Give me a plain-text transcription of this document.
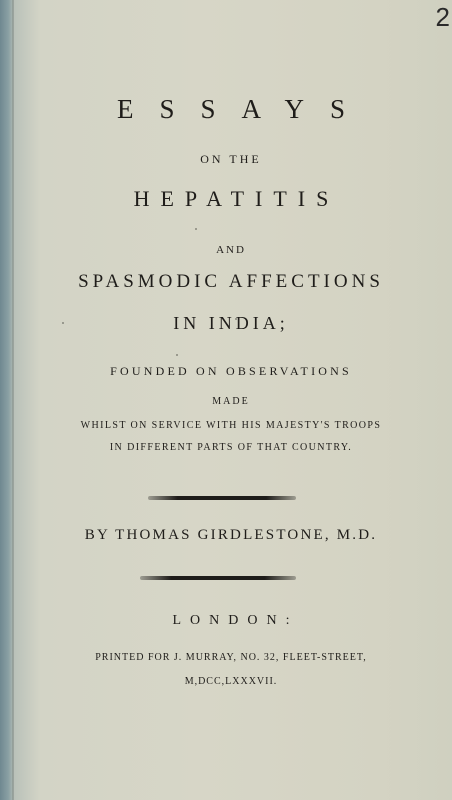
2
ESSAYS
ON THE
HEPATITIS
AND
SPASMODIC AFFECTIONS
IN INDIA;
FOUNDED ON OBSERVATIONS
MADE
WHILST ON SERVICE WITH HIS MAJESTY'S TROOPS
IN DIFFERENT PARTS OF THAT COUNTRY.
BY THOMAS GIRDLESTONE, M.D.
LONDON:
PRINTED FOR J. MURRAY, NO. 32, FLEET-STREET,
M,DCC,LXXXVII.
